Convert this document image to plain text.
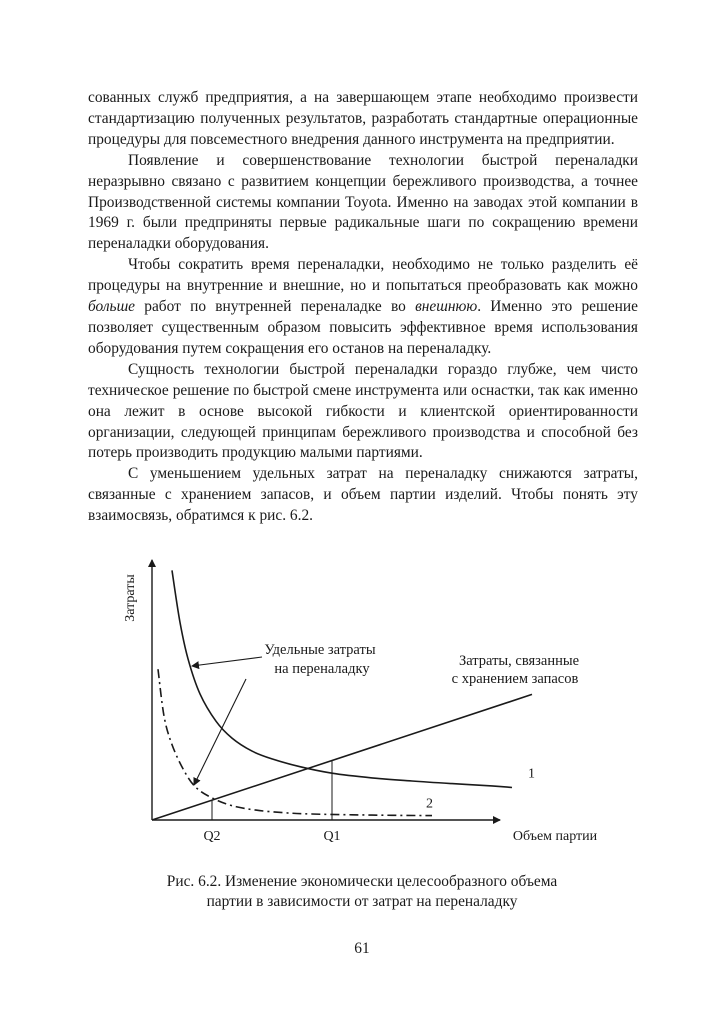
сованных служб предприятия, а на завершающем этапе необходимо произвести стандартизацию полученных результатов, разработать стандартные операционные процедуры для повсеместного внедрения данного инструмента на предприятии.

Появление и совершенствование технологии быстрой переналадки неразрывно связано с развитием концепции бережливого производства, а точнее Производственной системы компании Toyota. Именно на заводах этой компании в 1969 г. были предприняты первые радикальные шаги по сокращению времени переналадки оборудования.

Чтобы сократить время переналадки, необходимо не только разделить её процедуры на внутренние и внешние, но и попытаться преобразовать как можно больше работ по внутренней переналадке во внешнюю. Именно это решение позволяет существенным образом повысить эффективное время использования оборудования путем сокращения его останов на переналадку.

Сущность технологии быстрой переналадки гораздо глубже, чем чисто техническое решение по быстрой смене инструмента или оснастки, так как именно она лежит в основе высокой гибкости и клиентской ориентированности организации, следующей принципам бережливого производства и способной без потерь производить продукцию малыми партиями.

С уменьшением удельных затрат на переналадку снижаются затраты, связанные с хранением запасов, и объем партии изделий. Чтобы понять эту взаимосвязь, обратимся к рис. 6.2.

Затраты
Объем партии
1
2
Q2	Q1
Удельные затраты
на переналадку	Затраты, связанные
с хранением запасов
Рис. 6.2. Изменение экономически целесообразного объема
партии в зависимости от затрат на переналадку
61
